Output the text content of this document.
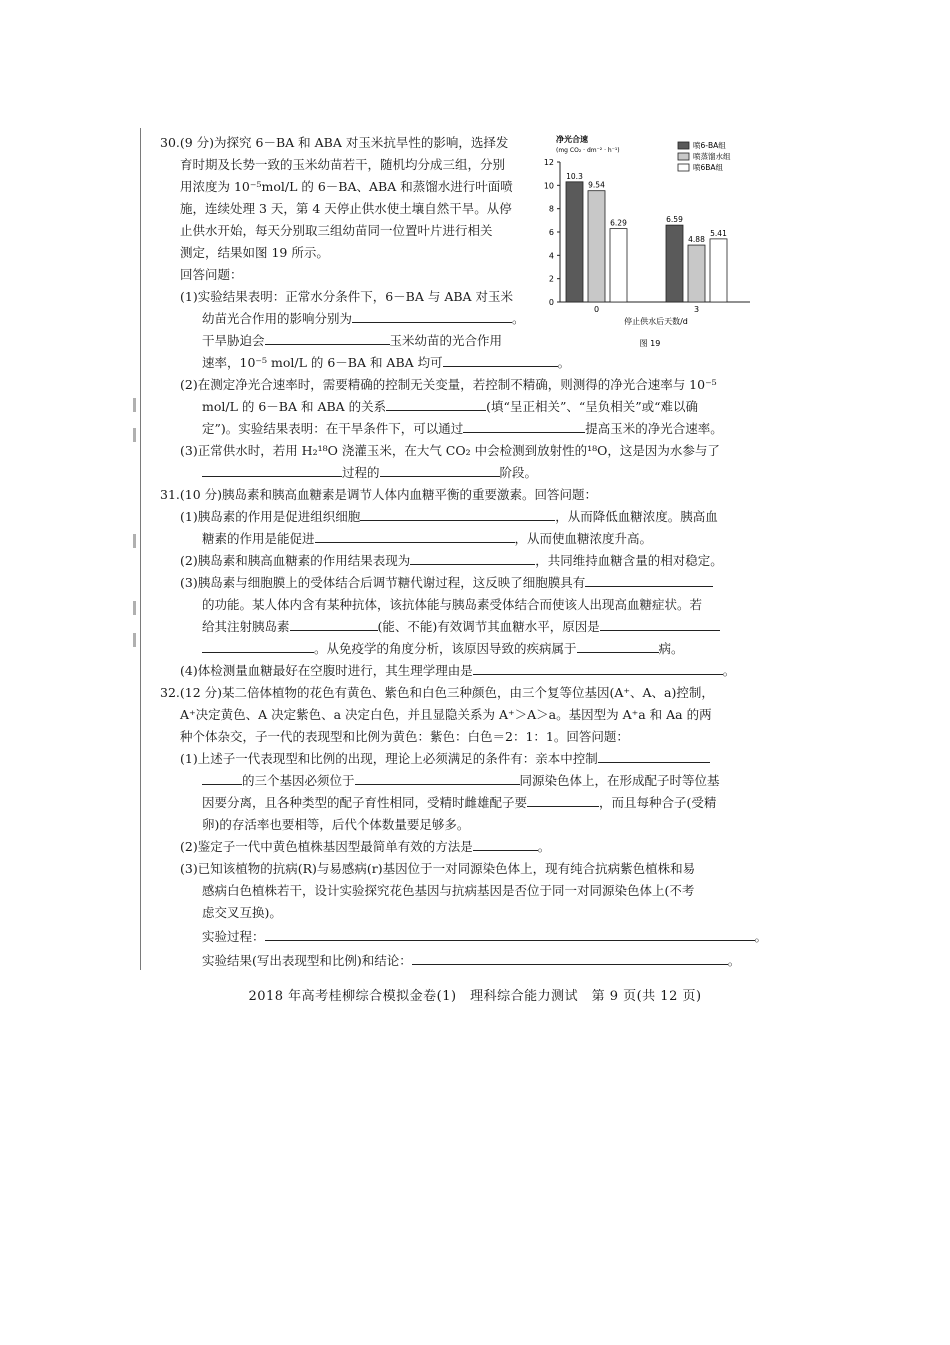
30.(9 分)为探究 6－BA 和 ABA 对玉米抗旱性的影响，选择发
育时期及长势一致的玉米幼苗若干，随机均分成三组，分别
用浓度为 10⁻⁵mol/L 的 6－BA、ABA 和蒸馏水进行叶面喷
施，连续处理 3 天，第 4 天停止供水使土壤自然干旱。从停
止供水开始，每天分别取三组幼苗同一位置叶片进行相关
测定，结果如图 19 所示。
回答问题：
(1)实验结果表明：正常水分条件下，6－BA 与 ABA 对玉米
幼苗光合作用的影响分别为	。
干旱胁迫会	玉米幼苗的光合作用
速率，10⁻⁵ mol/L 的 6－BA 和 ABA 均可	。
(2)在测定净光合速率时，需要精确的控制无关变量，若控制不精确，则测得的净光合速率与 10⁻⁵
mol/L 的 6－BA 和 ABA 的关系	(填“呈正相关”、“呈负相关”或“难以确
定”)。实验结果表明：在干旱条件下，可以通过	提高玉米的净光合速率。
(3)正常供水时，若用 H₂¹⁸O 浇灌玉米，在大气 CO₂ 中会检测到放射性的¹⁸O，这是因为水参与了
过程的	阶段。
净光合速
(mg CO₂ · dm⁻² · h⁻¹)
0
2
4
6
8
10
12
10.3
9.54
6.29	6.59
4.88
5.41
0	3
停止供水后天数/d
图 19
喷6-BA组
喷蒸馏水组
喷6BA组
31.(10 分)胰岛素和胰高血糖素是调节人体内血糖平衡的重要激素。回答问题：
(1)胰岛素的作用是促进组织细胞	，从而降低血糖浓度。胰高血
糖素的作用是能促进	，从而使血糖浓度升高。
(2)胰岛素和胰高血糖素的作用结果表现为	，共同维持血糖含量的相对稳定。
(3)胰岛素与细胞膜上的受体结合后调节糖代谢过程，这反映了细胞膜具有
的功能。某人体内含有某种抗体，该抗体能与胰岛素受体结合而使该人出现高血糖症状。若
给其注射胰岛素	(能、不能)有效调节其血糖水平，原因是
。从免疫学的角度分析，该原因导致的疾病属于	病。
(4)体检测量血糖最好在空腹时进行，其生理学理由是	。
32.(12 分)某二倍体植物的花色有黄色、紫色和白色三种颜色，由三个复等位基因(A⁺、A、a)控制，
A⁺决定黄色、A 决定紫色、a 决定白色，并且显隐关系为 A⁺＞A＞a。基因型为 A⁺a 和 Aa 的两
种个体杂交，子一代的表现型和比例为黄色：紫色：白色＝2：1：1。回答问题：
(1)上述子一代表现型和比例的出现，理论上必须满足的条件有：亲本中控制
的三个基因必须位于	同源染色体上，在形成配子时等位基
因要分离，且各种类型的配子育性相同，受精时雌雄配子要	，而且每种合子(受精
卵)的存活率也要相等，后代个体数量要足够多。
(2)鉴定子一代中黄色植株基因型最简单有效的方法是	。
(3)已知该植物的抗病(R)与易感病(r)基因位于一对同源染色体上，现有纯合抗病紫色植株和易
感病白色植株若干，设计实验探究花色基因与抗病基因是否位于同一对同源染色体上(不考
虑交叉互换)。
实验过程：	。
实验结果(写出表现型和比例)和结论：	。
2018 年高考桂柳综合模拟金卷(1)　理科综合能力测试　第 9 页(共 12 页)
